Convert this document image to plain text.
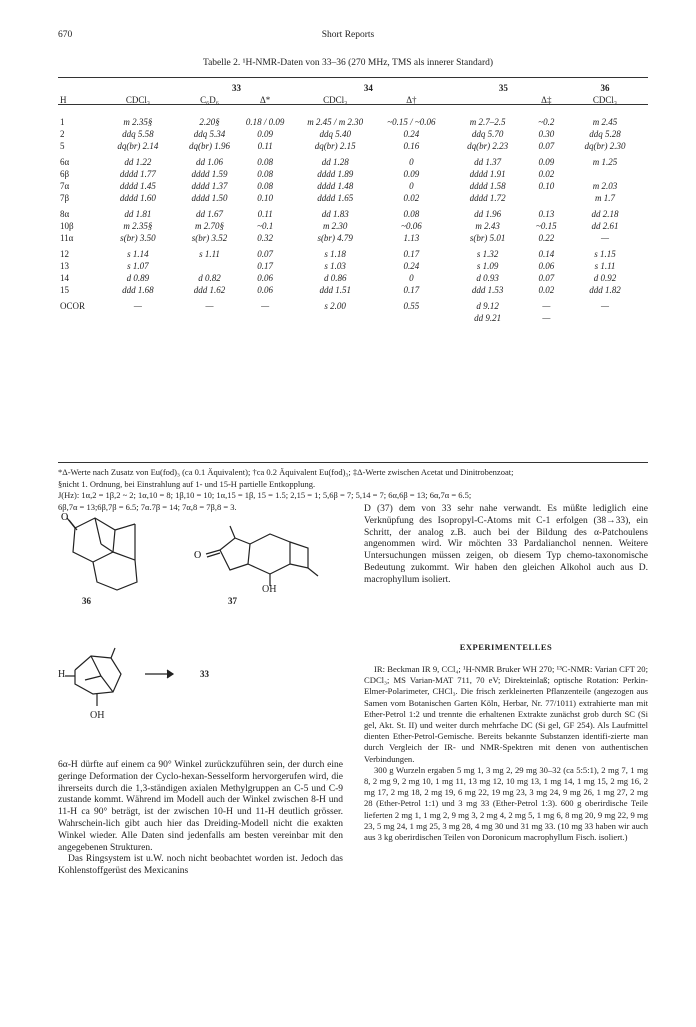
670	Short Reports
Tabelle 2. ¹H-NMR-Daten von 33–36 (270 MHz, TMS als innerer Standard)
		33		34		35		36
H	CDCl₃	C₆D₆	Δ*	CDCl₃	Δ†		Δ‡	CDCl₃

1	m 2.35§	2.20§	0.18 / 0.09	m 2.45 / m 2.30	~0.15 / ~0.06	m 2.7–2.5	~0.2	m 2.45
2	ddq 5.58	ddq 5.34	0.09	ddq 5.40	0.24	ddq 5.70	0.30	ddq 5.28
5	dq(br) 2.14	dq(br) 1.96	0.11	dq(br) 2.15	0.16	dq(br) 2.23	0.07	dq(br) 2.30

6α	dd 1.22	dd 1.06	0.08	dd 1.28	0	dd 1.37	0.09	m 1.25
6β	dddd 1.77	dddd 1.59	0.08	dddd 1.89	0.09	dddd 1.91	0.02	
7α	dddd 1.45	dddd 1.37	0.08	dddd 1.48	0	dddd 1.58	0.10	m 2.03
7β	dddd 1.60	dddd 1.50	0.10	dddd 1.65	0.02	dddd 1.72		m 1.7

8α	dd 1.81	dd 1.67	0.11	dd 1.83	0.08	dd 1.96	0.13	dd 2.18
10β	m 2.35§	m 2.70§	~0.1	m 2.30	~0.06	m 2.43	~0.15	dd 2.61
11α	s(br) 3.50	s(br) 3.52	0.32	s(br) 4.79	1.13	s(br) 5.01	0.22	—

12	s 1.14	s 1.11	0.07	s 1.18	0.17	s 1.32	0.14	s 1.15
13	s 1.07		0.17	s 1.03	0.24	s 1.09	0.06	s 1.11
14	d 0.89	d 0.82	0.06	d 0.86	0	d 0.93	0.07	d 0.92
15	ddd 1.68	ddd 1.62	0.06	ddd 1.51	0.17	ddd 1.53	0.02	ddd 1.82

OCOR	—	—	—	s 2.00	0.55	d 9.12	—	—
						dd 9.21	—	
*Δ-Werte nach Zusatz von Eu(fod)₃ (ca 0.1 Äquivalent); †ca 0.2 Äquivalent Eu(fod)₃; ‡Δ-Werte zwischen Acetat und Dinitrobenzoat;
§nicht 1. Ordnung, bei Einstrahlung auf 1- und 15-H partielle Entkopplung.
J(Hz): 1α,2 = 1β,2 ~ 2; 1α,10 = 8; 1β,10 = 10; 1α,15 = 1β, 15 = 1.5; 2,15 = 1; 5,6β = 7; 5,14 = 7; 6α,6β = 13; 6α,7α = 6.5;
6β,7α = 13;6β,7β = 6.5; 7α.7β = 14; 7α,8 = 7β,8 = 3.
O
36
O
37
OH
H
OH
33

6α-H dürfte auf einem ca 90° Winkel zurückzuführen sein, der durch eine geringe Deformation der Cyclo-hexan-Sesselform hervorgerufen wird, die ihrerseits durch die 1,3-ständigen axialen Methylgruppen an C-5 und C-9 zustande kommt. Während im Modell auch der Winkel zwischen 8-H und 11-H ca 90° beträgt, ist der zwischen 10-H und 11-H deutlich grösser. Wahrschein-lich gibt auch hier das Dreiding-Modell nicht die exakten Winkel wieder. Alle Daten sind jedenfalls am besten vereinbar mit den angegebenen Strukturen.

Das Ringsystem ist u.W. noch nicht beobachtet worden ist. Jedoch das Kohlenstoffgerüst des Mexicanins

D (37) dem von 33 sehr nahe verwandt. Es müßte lediglich eine Verknüpfung des Isopropyl-C-Atoms mit C-1 erfolgen (38→33), ein Schritt, der analog z.B. auch bei der Bildung des α-Patchoulens angenommen wird. Wir möchten 33 Pardalianchol nennen. Weitere Untersuchungen müssen zeigen, ob diesem Typ chemo-taxonomische Bedeutung zukommt. Wir haben den gleichen Alkohol auch aus D. macrophyllum isoliert.

EXPERIMENTELLES

IR: Beckman IR 9, CCl₄; ¹H-NMR Bruker WH 270; ¹³C-NMR: Varian CFT 20; CDCl₃; MS Varian-MAT 711, 70 eV; Direkteinlaß; optische Rotation: Perkin-Elmer-Polarimeter, CHCl₃. Die frisch zerkleinerten Pflanzenteile (angezogen aus Samen vom Botanischen Garten Köln, Herbar, Nr. 77/1011) extrahierte man mit Ether-Petrol 1:2 und trennte die erhaltenen Extrakte zunächst grob durch SC (Si gel, Akt. St. II) und weiter durch mehrfache DC (Si gel, GF 254). Als Laufmittel dienten Ether-Petrol-Gemische. Bereits bekannte Substanzen identifi-zierte man durch Vergleich der IR- und NMR-Spektren mit denen von authentischen Verbindungen.

300 g Wurzeln ergaben 5 mg 1, 3 mg 2, 29 mg 30–32 (ca 5:5:1), 2 mg 7, 1 mg 8, 2 mg 9, 2 mg 10, 1 mg 11, 13 mg 12, 10 mg 13, 1 mg 14, 1 mg 15, 2 mg 16, 2 mg 17, 2 mg 18, 2 mg 19, 6 mg 22, 19 mg 23, 3 mg 24, 9 mg 26, 1 mg 27, 2 mg 28 (Ether-Petrol 1:1) und 3 mg 33 (Ether-Petrol 1:3). 600 g oberirdische Teile lieferten 2 mg 1, 1 mg 2, 9 mg 3, 2 mg 4, 2 mg 5, 1 mg 6, 8 mg 20, 9 mg 22, 9 mg 23, 5 mg 24, 1 mg 25, 3 mg 28, 4 mg 30 und 31 mg 33. (10 mg 33 haben wir auch aus 3 kg oberirdischen Teilen von Doronicum macrophyllum Fisch. isoliert.)
